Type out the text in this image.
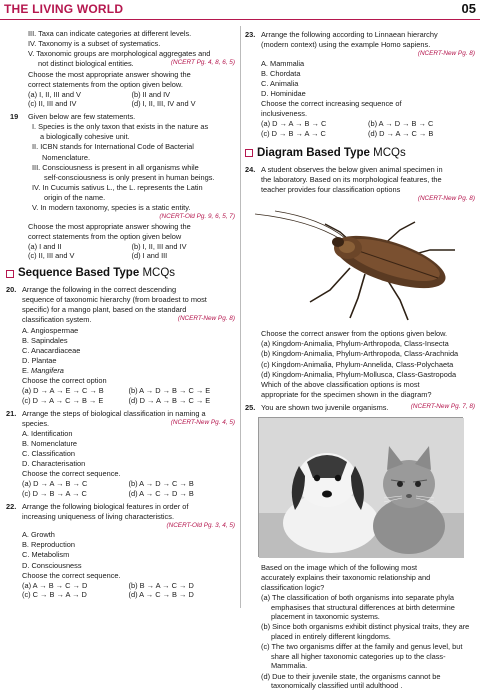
THE LIVING WORLD	05
III. Taxa can indicate categories at different levels.
IV. Taxonomy is a subset of systematics.
V. Taxonomic groups are morphological aggregates and
not distinct biological entities.	(NCERT Pg. 4, 8, 6, 5)
Choose the most appropriate answer showing the
correct statements from the option given below.
(a) I, II, III and V	(b) II and IV
(c) II, III and IV	(d) I, II, III, IV and V
19	Given below are few statements.
I. Species is the only taxon that exists in the nature as
a biologically cohesive unit.
II. ICBN stands for International Code of Bacterial
Nomenclature.
III. Consciousness is present in all organisms while
self-consciousness is only present in human beings.
IV. In Cucumis sativus L., the L. represents the Latin
origin of the name.
V. In modern taxonomy, species is a static entity.
(NCERT-Old Pg. 9, 6, 5, 7)
Choose the most appropriate answer showing the
correct statements from the option given below
(a) I and II	(b) I, II, III and IV
(c) II, III and V	(d) I and III
Sequence Based Type MCQs
20. Arrange the following in the correct descending
sequence of taxonomic hierarchy (from broadest to most
specific) for a mango plant, based on the standard
classification system.	(NCERT-New Pg. 8)
A. Angiospermae
B. Sapindales
C. Anacardiaceae
D. Plantae
E. Mangifera
Choose the correct option
(a) D → A → E → C → B	(b) A → D → B → C → E
(c) D → A → C → B → E	(d) D → A → B → C → E
21. Arrange the steps of biological classification in naming a
species.	(NCERT-New Pg. 4, 5)
A. Identification
B. Nomenclature
C. Classification
D. Characterisation
Choose the correct sequence.
(a) D → A → B → C	(b) A → D → C → B
(c) D → B → A → C	(d) A → C → D → B
22. Arrange the following biological features in order of
increasing uniqueness of living characteristics.
(NCERT-Old Pg. 3, 4, 5)
A. Growth
B. Reproduction
C. Metabolism
D. Consciousness
Choose the correct sequence.
(a) A → B → C → D	(b) B → A → C → D
(c) C → B → A → D	(d) A → C → B → D
23. Arrange the following according to Linnaean hierarchy
(modern context) using the example Homo sapiens.
(NCERT-New Pg. 8)
A. Mammalia
B. Chordata
C. Animalia
D. Hominidae
Choose the correct increasing sequence of
inclusiveness.
(a) D → A → B → C	(b) A → D → B → C
(c) D → B → A → C	(d) D → A → C → B
Diagram Based Type MCQs
24. A student observes the below given animal specimen in
the laboratory. Based on its morphological features, the
teacher provides four classification options
(NCERT-New Pg. 8)
Choose the correct answer from the options given below.
(a) Kingdom-Animalia, Phylum-Arthropoda, Class-Insecta
(b) Kingdom-Animalia, Phylum-Arthropoda, Class-Arachnida
(c) Kingdom-Animalia, Phylum-Annelida, Class-Polychaeta
(d) Kingdom-Animalia, Phylum-Mollusca, Class-Gastropoda
Which of the above classification options is most
appropriate for the specimen shown in the diagram?
25. You are shown two juvenile organisms.	(NCERT-New Pg. 7, 8)
Based on the image which of the following most
accurately explains their taxonomic relationship and
classification logic?
(a) The classification of both organisms into separate phyla emphasises that structural differences at birth determine placement in taxonomic systems.
(b) Since both organisms exhibit distinct physical traits, they are placed in entirely different kingdoms.
(c) The two organisms differ at the family and genus level, but share all higher taxonomic categories up to the class-Mammalia.
(d) Due to their juvenile state, the organisms cannot be taxonomically classified until adulthood .
